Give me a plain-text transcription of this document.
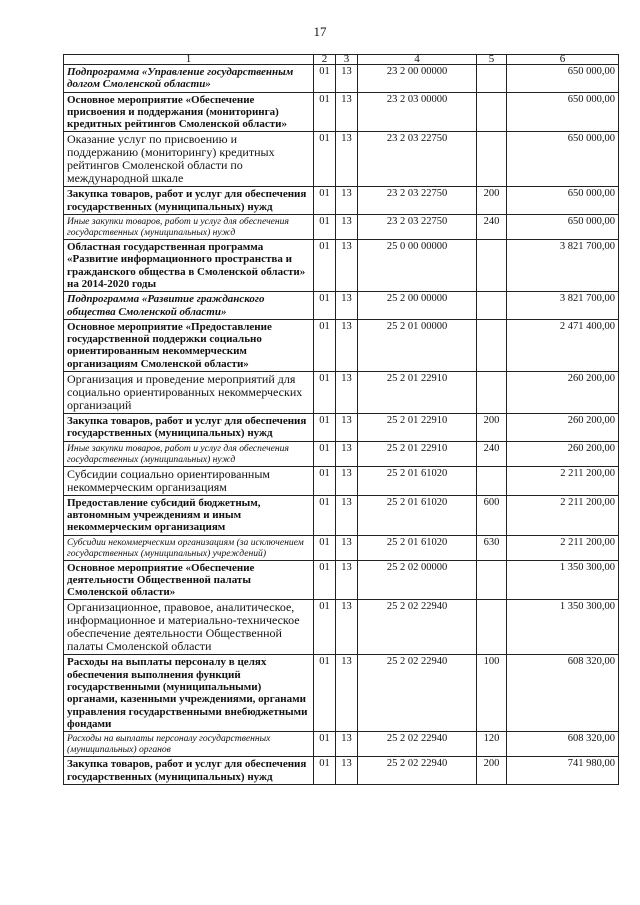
17
1	2	3	4	5	6
Подпрограмма «Управление государственным долгом Смоленской области»	01	13	23 2 00 00000		650 000,00
Основное мероприятие «Обеспечение присвоения и поддержания (мониторинга) кредитных рейтингов Смоленской области»	01	13	23 2 03 00000		650 000,00
Оказание услуг по присвоению и поддержанию (мониторингу) кредитных рейтингов Смоленской области по международной шкале	01	13	23 2 03 22750		650 000,00
Закупка товаров, работ и услуг для обеспечения государственных (муниципальных) нужд	01	13	23 2 03 22750	200	650 000,00
Иные закупки товаров, работ и услуг для обеспечения государственных (муниципальных) нужд	01	13	23 2 03 22750	240	650 000,00
Областная государственная программа «Развитие информационного пространства и гражданского общества в Смоленской области» на 2014-2020 годы	01	13	25 0 00 00000		3 821 700,00
Подпрограмма «Развитие гражданского общества Смоленской области»	01	13	25 2 00 00000		3 821 700,00
Основное мероприятие «Предоставление государственной поддержки социально ориентированным некоммерческим организациям Смоленской области»	01	13	25 2 01 00000		2 471 400,00
Организация и проведение мероприятий для социально ориентированных некоммерческих организаций	01	13	25 2 01 22910		260 200,00
Закупка товаров, работ и услуг для обеспечения государственных (муниципальных) нужд	01	13	25 2 01 22910	200	260 200,00
Иные закупки товаров, работ и услуг для обеспечения государственных (муниципальных) нужд	01	13	25 2 01 22910	240	260 200,00
Субсидии социально ориентированным некоммерческим организациям	01	13	25 2 01 61020		2 211 200,00
Предоставление субсидий бюджетным, автономным учреждениям и иным некоммерческим организациям	01	13	25 2 01 61020	600	2 211 200,00
Субсидии некоммерческим организациям (за исключением государственных (муниципальных) учреждений)	01	13	25 2 01 61020	630	2 211 200,00
Основное мероприятие «Обеспечение деятельности Общественной палаты Смоленской области»	01	13	25 2 02 00000		1 350 300,00
Организационное, правовое, аналитическое, информационное и материально-техническое обеспечение деятельности Общественной палаты Смоленской области	01	13	25 2 02 22940		1 350 300,00
Расходы на выплаты персоналу в целях обеспечения выполнения функций государственными (муниципальными) органами, казенными учреждениями, органами управления государственными внебюджетными фондами	01	13	25 2 02 22940	100	608 320,00
Расходы на выплаты персоналу государственных (муниципальных) органов	01	13	25 2 02 22940	120	608 320,00
Закупка товаров, работ и услуг для обеспечения государственных (муниципальных) нужд	01	13	25 2 02 22940	200	741 980,00
